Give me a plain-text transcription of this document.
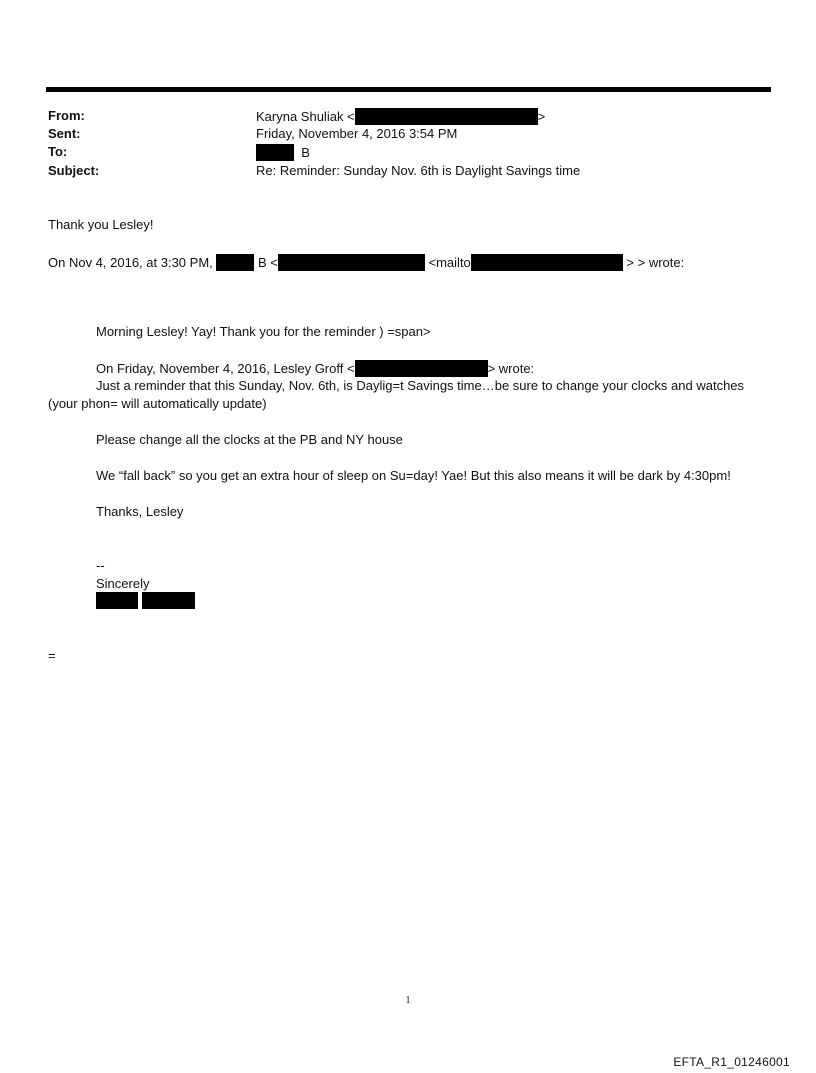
From:	Karyna Shuliak <	>
Sent:	Friday, November 4, 2016 3:54 PM
To:	B
Subject:	Re: Reminder: Sunday Nov. 6th is Daylight Savings time
Thank you Lesley!
On Nov 4, 2016, at 3:30 PM,	B <	<mailto	> > wrote:
Morning Lesley! Yay! Thank you for the reminder ) =span>
On Friday, November 4, 2016, Lesley Groff <	> wrote:
Just a reminder that this Sunday, Nov. 6th, is Daylig=t Savings time…be sure to change your clocks and watches
(your phon= will automatically update)
Please change all the clocks at the PB and NY house
We “fall back” so you get an extra hour of sleep on Su=day! Yae! But this also means it will be dark by 4:30pm!
Thanks, Lesley
--
Sincerely

=
1
EFTA_R1_01246001
